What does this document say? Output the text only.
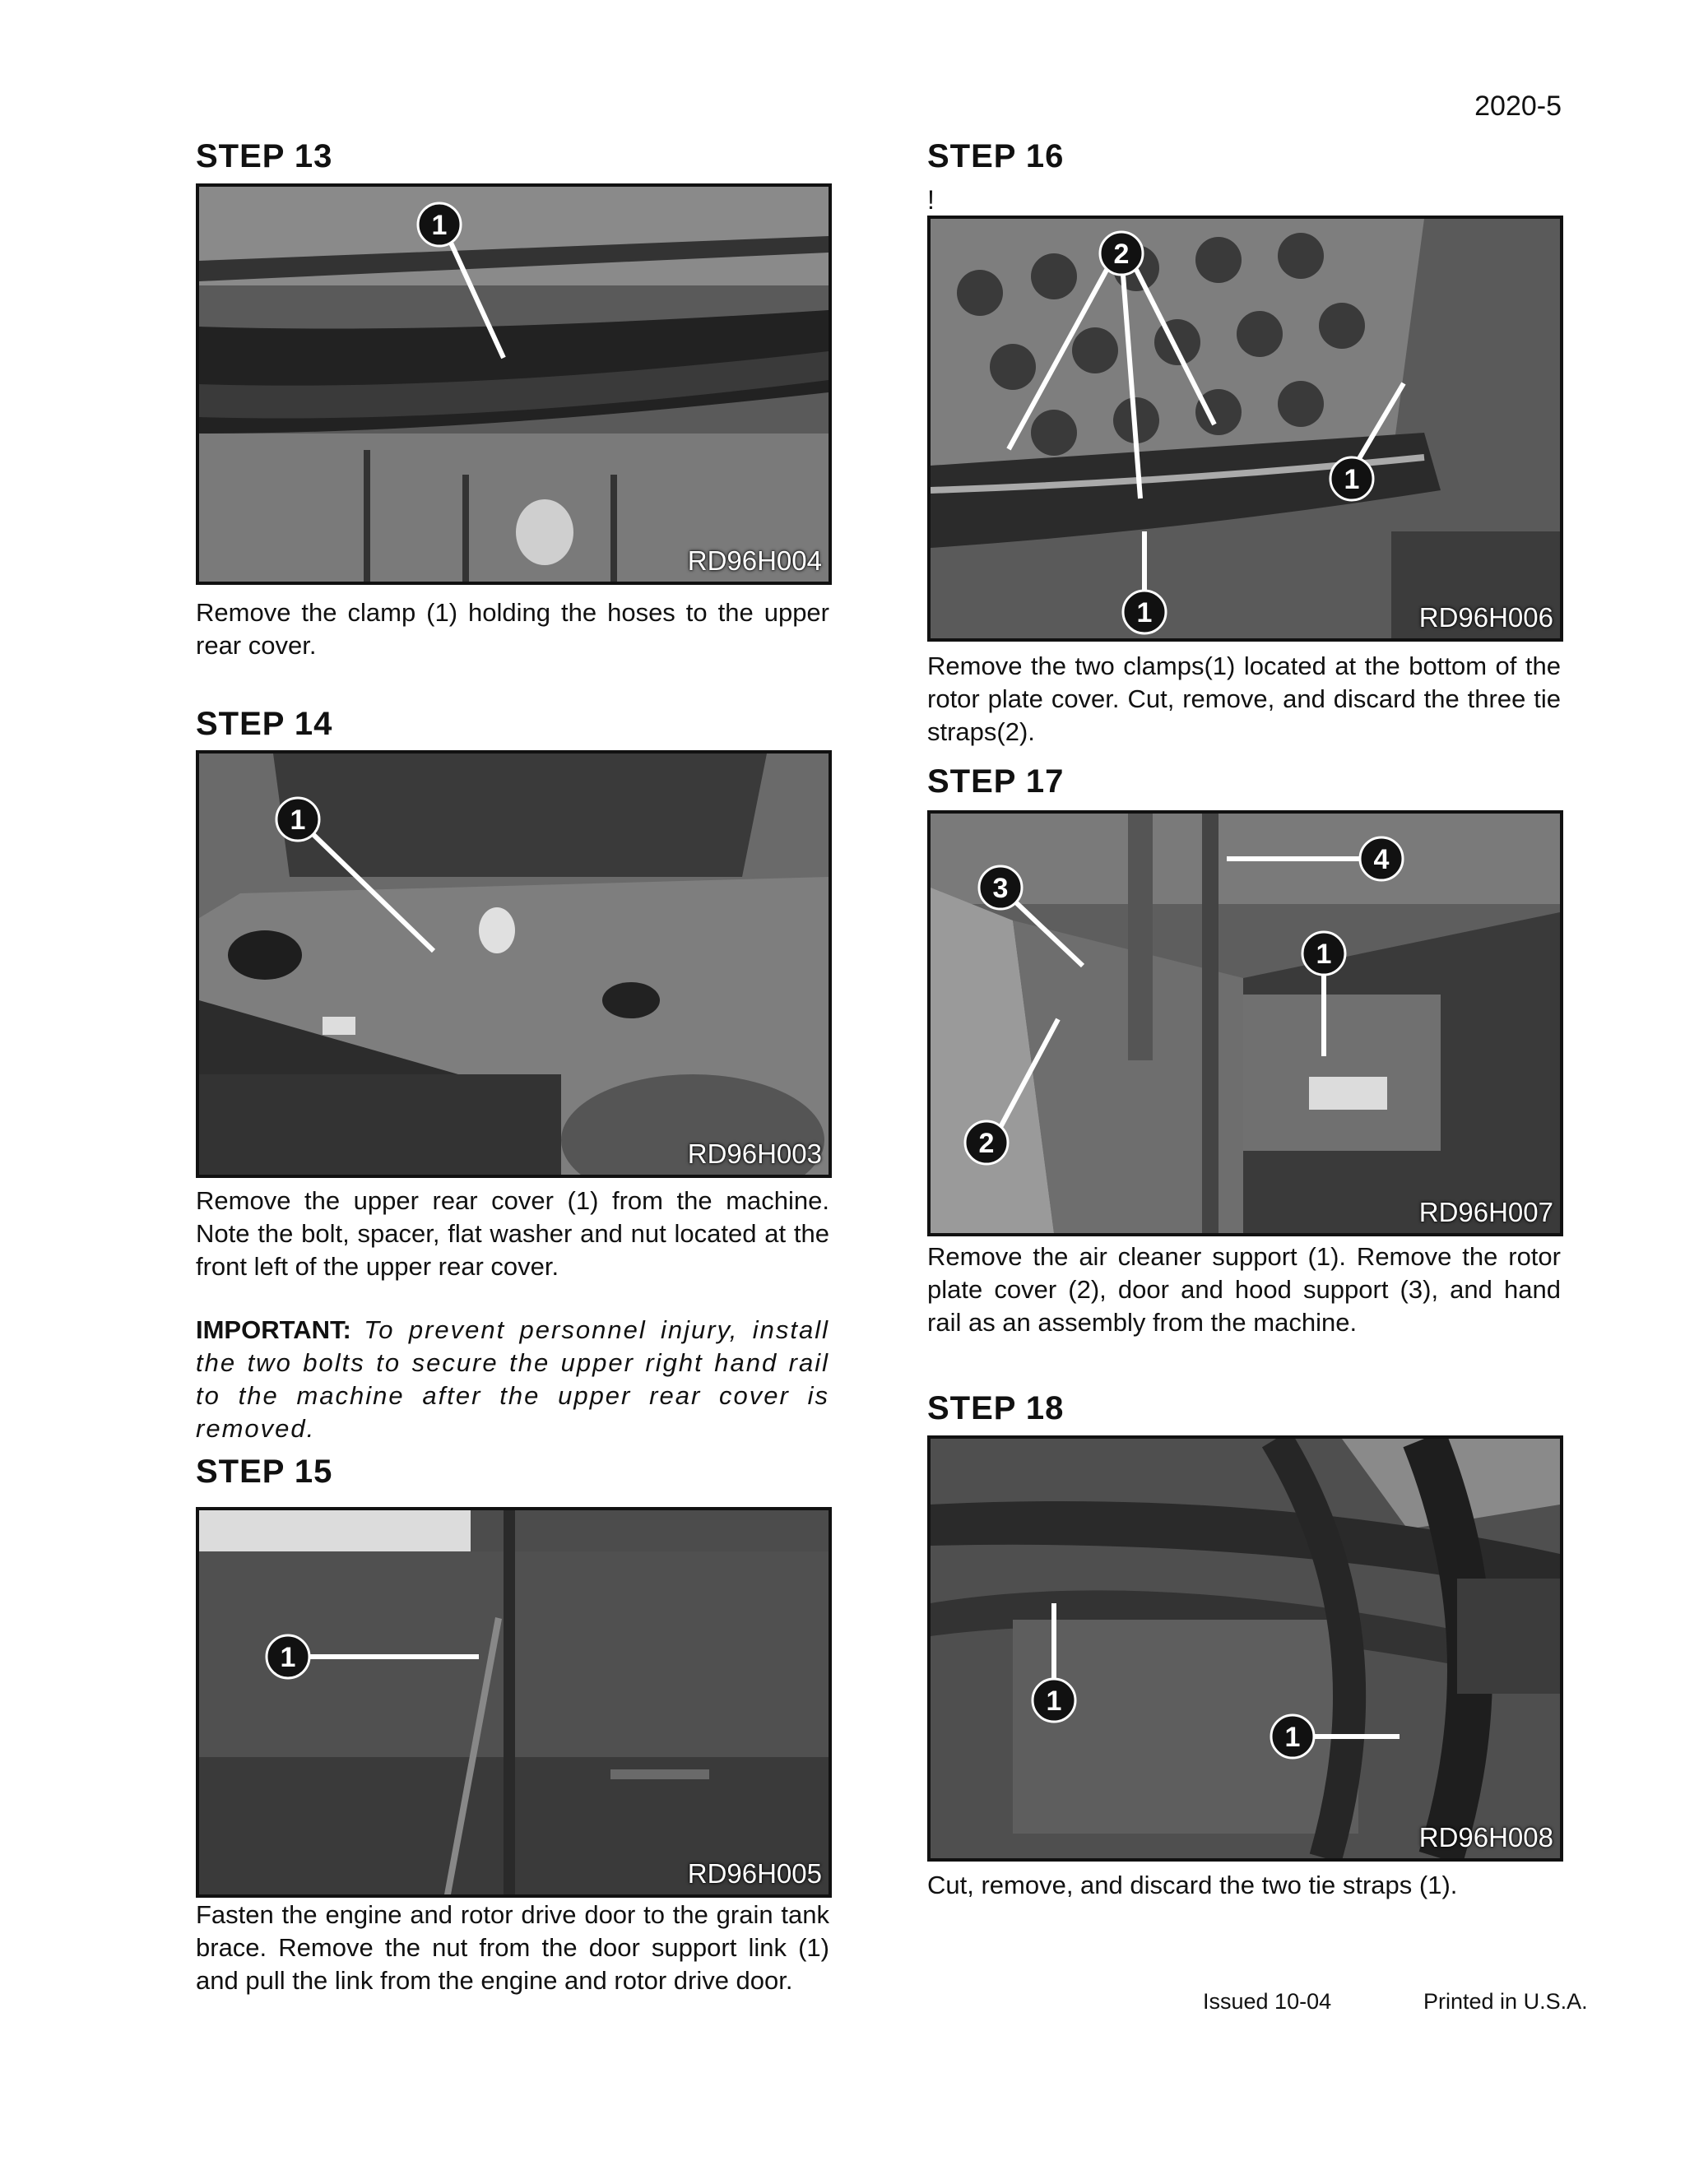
2020-5
STEP 13
1
RD96H004
Remove the clamp (1) holding the hoses to the upper rear cover.
STEP 14
1
RD96H003
Remove the upper rear cover (1) from the machine. Note the bolt, spacer, flat washer and nut located at the front left of the upper rear cover.
IMPORTANT: To prevent personnel injury, install the two bolts to secure the upper right hand rail to the machine after the upper rear cover is removed.
STEP 15
1
RD96H005
Fasten the engine and rotor drive door to the grain tank brace. Remove the nut from the door support link (1) and pull the link from the engine and rotor drive door.
STEP 16
2
1
1	RD96H006
Remove the two clamps(1) located at the bottom of the rotor plate cover. Cut, remove, and discard the three tie straps(2).
STEP 17
4
3
1
2
RD96H007
Remove the air cleaner support (1). Remove the rotor plate cover (2), door and hood support (3), and hand rail as an assembly from the machine.
STEP 18
1
1
RD96H008
Cut, remove, and discard the two tie straps (1).
!
Issued 10-04	Printed in U.S.A.
